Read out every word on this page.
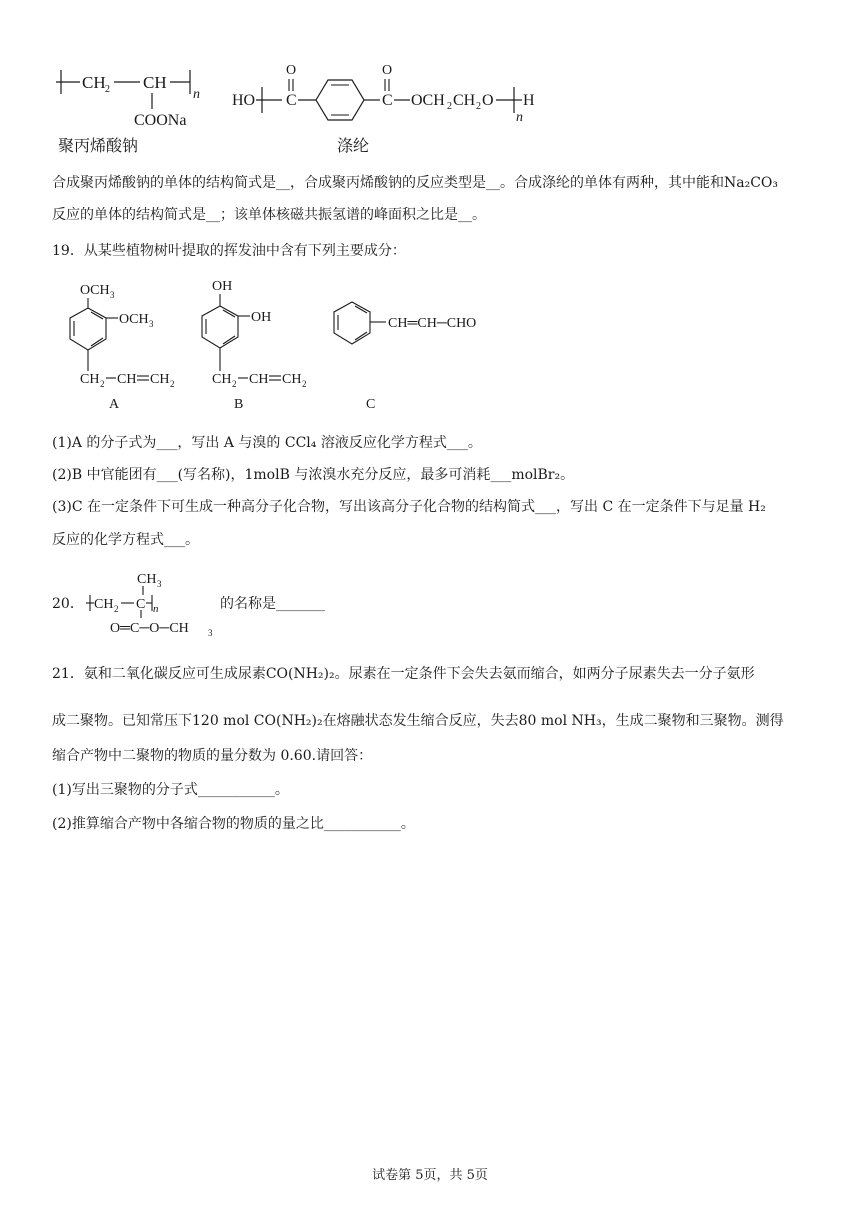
CH 2 CH
n
COONa
聚丙烯酸钠
HO C
O
C
O
OCH 2 CH 2 O
n
H
涤纶
合成聚丙烯酸钠的单体的结构简式是__，合成聚丙烯酸钠的反应类型是__。合成涤纶的单体有两种，其中能和Na₂CO₃
反应的单体的结构简式是__；该单体核磁共振氢谱的峰面积之比是__。
19．从某些植物树叶提取的挥发油中含有下列主要成分：
OCH 3
OCH 3
CH 2 CH CH 2
A
OH
OH
CH 2 CH CH 2
B
CH═CH─CHO
C
(1)A 的分子式为___，写出 A 与溴的 CCl₄ 溶液反应化学方程式___。
(2)B 中官能团有___(写名称)，1molB 与浓溴水充分反应，最多可消耗___molBr₂。
(3)C 在一定条件下可生成一种高分子化合物，写出该高分子化合物的结构简式___，写出 C 在一定条件下与足量 H₂
反应的化学方程式___。
20．
CH 3
CH 2 C n
O═C─O─CH 3
的名称是_______
21．氨和二氧化碳反应可生成尿素CO(NH₂)₂。尿素在一定条件下会失去氨而缩合，如两分子尿素失去一分子氨形
成二聚物。已知常压下120 mol CO(NH₂)₂在熔融状态发生缩合反应，失去80 mol NH₃，生成二聚物和三聚物。测得
缩合产物中二聚物的物质的量分数为 0.60.请回答：
(1)写出三聚物的分子式___________。
(2)推算缩合产物中各缩合物的物质的量之比___________。
试卷第 5页，共 5页
